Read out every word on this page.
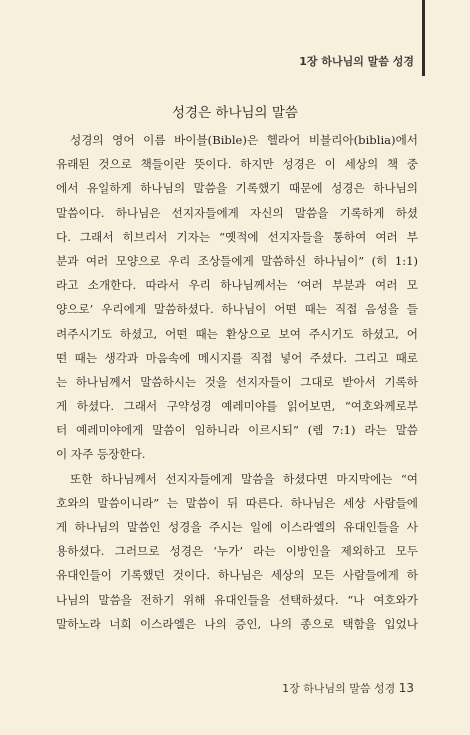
1장 하나님의 말씀 성경
성경은 하나님의 말씀
성경의 영어 이름 바이블(Bible)은 헬라어 비블리아(biblia)에서
유래된 것으로 책들이란 뜻이다. 하지만 성경은 이 세상의 책 중
에서 유일하게 하나님의 말씀을 기록했기 때문에 성경은 하나님의
말씀이다. 하나님은 선지자들에게 자신의 말씀을 기록하게 하셨
다. 그래서 히브리서 기자는 “옛적에 선지자들을 통하여 여러 부
분과 여러 모양으로 우리 조상들에게 말씀하신 하나님이” (히 1:1)
라고 소개한다. 따라서 우리 하나님께서는 ‘여러 부분과 여러 모
양으로’ 우리에게 말씀하셨다. 하나님이 어떤 때는 직접 음성을 들
려주시기도 하셨고, 어떤 때는 환상으로 보여 주시기도 하셨고, 어
떤 때는 생각과 마음속에 메시지를 직접 넣어 주셨다. 그리고 때로
는 하나님께서 말씀하시는 것을 선지자들이 그대로 받아서 기록하
게 하셨다. 그래서 구약성경 예레미야를 읽어보면, “여호와께로부
터 예레미야에게 말씀이 임하니라 이르시되” (렘 7:1) 라는 말씀
이 자주 등장한다.
또한 하나님께서 선지자들에게 말씀을 하셨다면 마지막에는 “여
호와의 말씀이니라” 는 말씀이 뒤 따른다. 하나님은 세상 사람들에
게 하나님의 말씀인 성경을 주시는 일에 이스라엘의 유대인들을 사
용하셨다. 그러므로 성경은 ‘누가’ 라는 이방인을 제외하고 모두
유대인들이 기록했던 것이다. 하나님은 세상의 모든 사람들에게 하
나님의 말씀을 전하기 위해 유대인들을 선택하셨다. “나 여호와가
말하노라 너희 이스라엘은 나의 증인, 나의 종으로 택함을 입었나
1장 하나님의 말씀 성경 13
